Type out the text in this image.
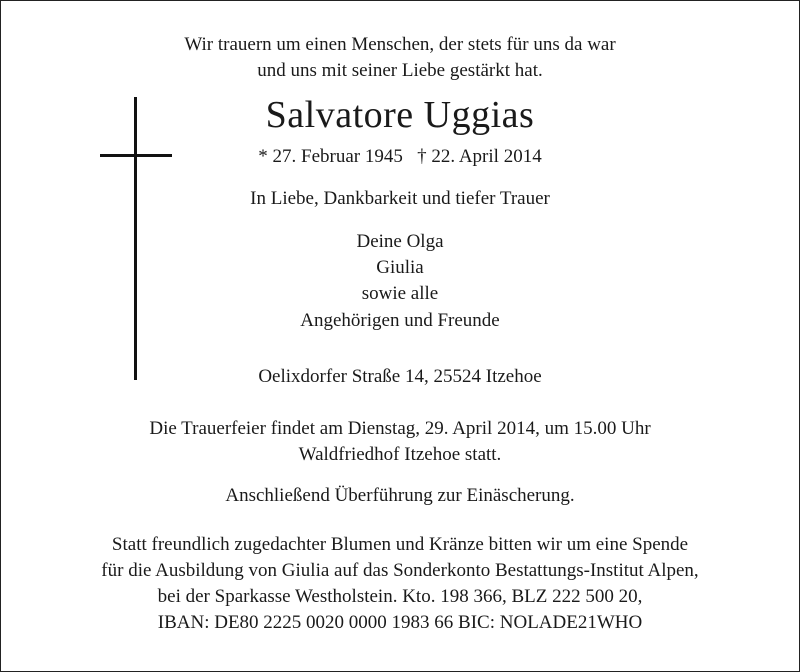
Wir trauern um einen Menschen, der stets für uns da war
und uns mit seiner Liebe gestärkt hat.
Salvatore Uggias
* 27. Februar 1945   † 22. April 2014
In Liebe, Dankbarkeit und tiefer Trauer
Deine Olga
Giulia
sowie alle
Angehörigen und Freunde
Oelixdorfer Straße 14, 25524 Itzehoe
Die Trauerfeier findet am Dienstag, 29. April 2014, um 15.00 Uhr
Waldfriedhof Itzehoe statt.
Anschließend Überführung zur Einäscherung.
Statt freundlich zugedachter Blumen und Kränze bitten wir um eine Spende
für die Ausbildung von Giulia auf das Sonderkonto Bestattungs-Institut Alpen,
bei der Sparkasse Westholstein. Kto. 198 366, BLZ 222 500 20,
IBAN: DE80 2225 0020 0000 1983 66 BIC: NOLADE21WHO
